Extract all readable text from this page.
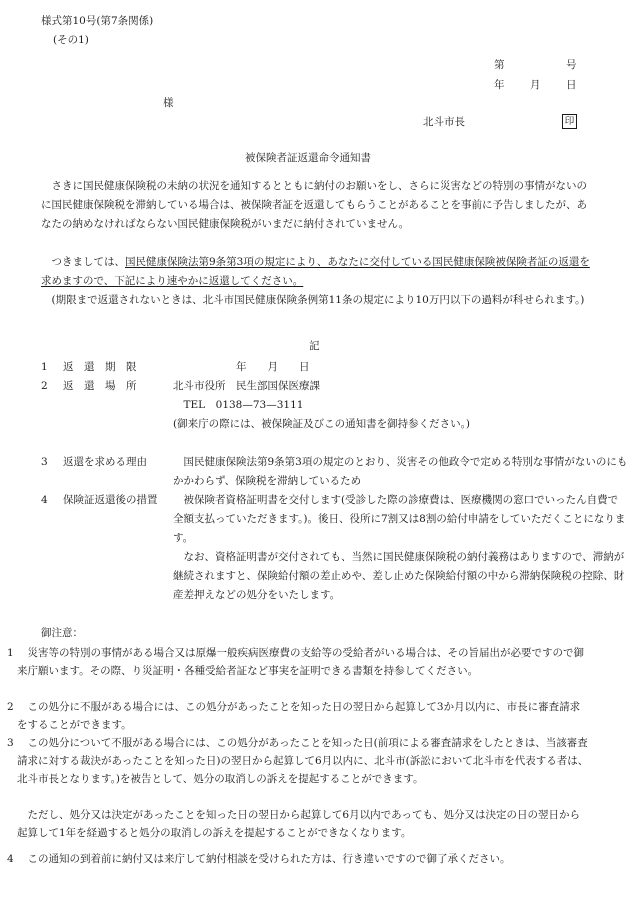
様式第10号(第7条関係)
(その1)
第	号
年 月 日
様
北斗市長	印
被保険者証返還命令通知書
さきに国民健康保険税の未納の状況を通知するとともに納付のお願いをし、さらに災害などの特別の事情がないのに国民健康保険税を滞納している場合は、被保険者証を返還してもらうことがあることを事前に予告しましたが、あなたの納めなければならない国民健康保険税がいまだに納付されていません。
つきましては、国民健康保険法第9条第3項の規定により、あなたに交付している国民健康保険被保険者証の返還を求めますので、下記により速やかに返還してください。
(期限まで返還されないときは、北斗市国民健康保険条例第11条の規定により10万円以下の過料が科せられます。)
記
1 返　還　期　限	　　　　　　年　　月　　日
2 返　還　場　所	北斗市役所　民生部国保医療課
　TEL　0138—73—3111
(御来庁の際には、被保険証及びこの通知書を御持参ください。)
3 返還を求める理由 　国民健康保険法第9条第3項の規定のとおり、災害その他政令で定める特別な事情がないのにもかかわらず、保険税を滞納しているため
4 保険証返還後の措置 　被保険者資格証明書を交付します(受診した際の診療費は、医療機関の窓口でいったん自費で全額支払っていただきます。)。後日、役所に7割又は8割の給付申請をしていただくことになります。
　なお、資格証明書が交付されても、当然に国民健康保険税の納付義務はありますので、滞納が継続されますと、保険給付額の差止めや、差し止めた保険給付額の中から滞納保険税の控除、財産差押えなどの処分をいたします。
御注意：
1 　災害等の特別の事情がある場合又は原爆一般疾病医療費の支給等の受給者がいる場合は、その旨届出が必要ですので御来庁願います。その際、り災証明・各種受給者証など事実を証明できる書類を持参してください。
2 　この処分に不服がある場合には、この処分があったことを知った日の翌日から起算して3か月以内に、市長に審査請求をすることができます。
3 　この処分について不服がある場合には、この処分があったことを知った日(前項による審査請求をしたときは、当該審査請求に対する裁決があったことを知った日)の翌日から起算して6月以内に、北斗市(訴訟において北斗市を代表する者は、北斗市長となります。)を被告として、処分の取消しの訴えを提起することができます。
　ただし、処分又は決定があったことを知った日の翌日から起算して6月以内であっても、処分又は決定の日の翌日から起算して1年を経過すると処分の取消しの訴えを提起することができなくなります。
4 　この通知の到着前に納付又は来庁して納付相談を受けられた方は、行き違いですので御了承ください。
